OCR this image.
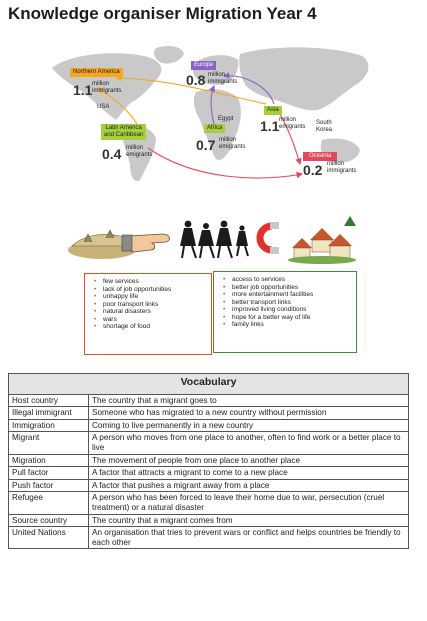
Knowledge organiser Migration Year 4
Northern America
1.1 million
immigrants
USA
Europe
0.8 million
immigrants
Asia
1.1 million
emigrants
South
Korea
Egypt
Africa
0.7 million
emigrants
Latin America
and Caribbean
0.4 million
emigrants	Oceania
0.2 million
immigrants
• few services
• lack of job opportunities
• unhappy life
• poor transport links
• natural disasters
• wars
• shortage of food
• access to services
• better job opportunities
• more entertainment facilities
• better transport links
• improved living conditions
• hope for a better way of life
• family links
Vocabulary	
Host country	The country that a migrant goes to
Illegal immigrant	Someone who has migrated to a new country without permission
Immigration	Coming to live permanently in a new country
Migrant	A person who moves from one place to another, often to find work or a better place to live
Migration	The movement of people from one place to another place
Pull factor	A factor that attracts a migrant to come to a new place
Push factor	A factor that pushes a migrant away from a place
Refugee	A person who has been forced to leave their home due to war, persecution (cruel treatment) or a natural disaster
Source country	The country that a migrant comes from
United Nations	An organisation that tries to prevent wars or conflict and helps countries be friendly to each other
